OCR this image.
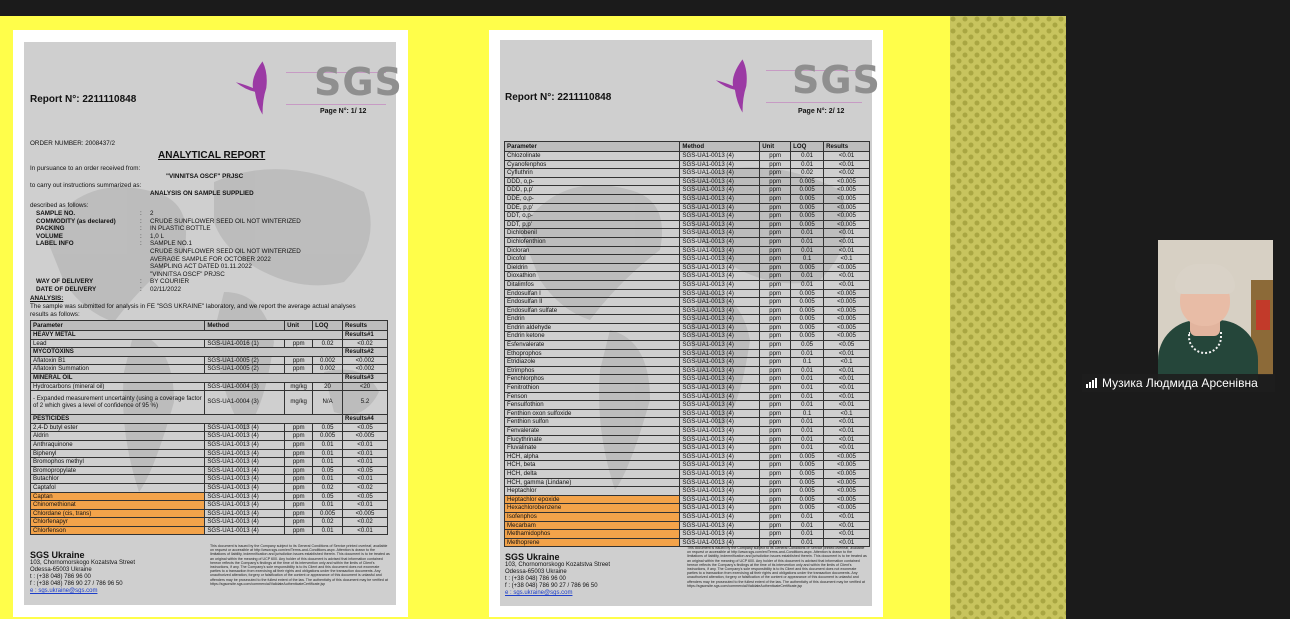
Report N°: 2211110848	SGS
Page N°: 1/ 12
ORDER NUMBER: 2008437/2
ANALYTICAL REPORT
In pursuance to an order received from:
"VINNITSA OSCF" PRJSC
to carry out instructions summarized as:
ANALYSIS ON SAMPLE SUPPLIED
described as follows:
SAMPLE NO.	: 2
COMMODITY (as declared)	: CRUDE SUNFLOWER SEED OIL NOT WINTERIZED
PACKING	: IN PLASTIC BOTTLE
VOLUME	: 1,0 L
LABEL INFO	: SAMPLE NO.1
CRUDE SUNFLOWER SEED OIL NOT WINTERIZED
AVERAGE SAMPLE FOR OCTOBER 2022
SAMPLING ACT DATED 01.11.2022
"VINNITSA OSCF" PRJSC
WAY OF DELIVERY	: BY COURIER
DATE OF DELIVERY	: 02/11/2022
ANALYSIS:
The sample was submitted for analysis in FE "SGS UKRAINE" laboratory, and we report the average actual analyses
results as follows:
Parameter	Method	Unit	LOQ	Results
HEAVY METAL				Results#1
Lead	SGS-UA1-0016 (1)	ppm	0.02	<0.02
MYCOTOXINS				Results#2
Aflatoxin B1	SGS-UA1-0005 (2)	ppm	0.002	<0.002
Aflatoxin Summation	SGS-UA1-0005 (2)	ppm	0.002	<0.002
MINERAL OIL				Results#3
Hydrocarbons (mineral oil)	SGS-UA1-0004 (3)	mg/kg	20	<20
- Expanded measurement uncertainty (using a coverage factor of 2 which gives a level of confidence of 95 %)	SGS-UA1-0004 (3)	mg/kg	N/A	5.2
PESTICIDES				Results#4
2,4-D butyl ester	SGS-UA1-0013 (4)	ppm	0.05	<0.05
Aldrin	SGS-UA1-0013 (4)	ppm	0.005	<0.005
Anthraquinone	SGS-UA1-0013 (4)	ppm	0.01	<0.01
Biphenyl	SGS-UA1-0013 (4)	ppm	0.01	<0.01
Bromophos methyl	SGS-UA1-0013 (4)	ppm	0.01	<0.01
Bromopropylate	SGS-UA1-0013 (4)	ppm	0.05	<0.05
Butachlor	SGS-UA1-0013 (4)	ppm	0.01	<0.01
Captafol	SGS-UA1-0013 (4)	ppm	0.02	<0.02
Captan	SGS-UA1-0013 (4)	ppm	0.05	<0.05
Chinomethionat	SGS-UA1-0013 (4)	ppm	0.01	<0.01
Chlordane (cis, trans)	SGS-UA1-0013 (4)	ppm	0.005	<0.005
Chlorfenapyr	SGS-UA1-0013 (4)	ppm	0.02	<0.02
Chlorfenson	SGS-UA1-0013 (4)	ppm	0.01	<0.01
SGS Ukraine
103, Chornomorskogo Kozatstva Street
Odessa-65003 Ukraine
t : (+38 048) 786 96 00
f : (+38 048) 786 90 27 / 786 96 50
e : sgs.ukraine@sgs.com
This document is issued by the Company subject to its General Conditions of Service printed overleaf, available on request or accessible at http://www.sgs.com/en/Terms-and-Conditions.aspx. Attention is drawn to the limitations of liability, indemnification and jurisdiction issues established therein. This document is to be treated as an original within the meaning of UCP 600. Any holder of this document is advised that information contained hereon reflects the Company's findings at the time of its intervention only and within the limits of Client's instructions, if any. The Company's sole responsibility is to its Client and this document does not exonerate parties to a transaction from exercising all their rights and obligations under the transaction documents. Any unauthorized alteration, forgery or falsification of the content or appearance of this document is unlawful and offenders may be prosecuted to the fullest extent of the law. The authenticity of this document may be verified at https://sgsonsite.sgs.com/commercial/ValidateAuthenticateCertificate.jsp
Report N°: 2211110848	SGS
Page N°: 2/ 12
Parameter	Method	Unit	LOQ	Results
Chlozolinate	SGS-UA1-0013 (4)	ppm	0.01	<0.01
Cyanofenphos	SGS-UA1-0013 (4)	ppm	0.01	<0.01
Cyfluthrin	SGS-UA1-0013 (4)	ppm	0.02	<0.02
DDD, o,p-	SGS-UA1-0013 (4)	ppm	0.005	<0.005
DDD, p,p'	SGS-UA1-0013 (4)	ppm	0.005	<0.005
DDE, o,p-	SGS-UA1-0013 (4)	ppm	0.005	<0.005
DDE, p,p'	SGS-UA1-0013 (4)	ppm	0.005	<0.005
DDT, o,p-	SGS-UA1-0013 (4)	ppm	0.005	<0.005
DDT, p,p'	SGS-UA1-0013 (4)	ppm	0.005	<0.005
Dichlobenil	SGS-UA1-0013 (4)	ppm	0.01	<0.01
Dichlofenthion	SGS-UA1-0013 (4)	ppm	0.01	<0.01
Dicloran	SGS-UA1-0013 (4)	ppm	0.01	<0.01
Dicofol	SGS-UA1-0013 (4)	ppm	0.1	<0.1
Dieldrin	SGS-UA1-0013 (4)	ppm	0.005	<0.005
Dioxathion	SGS-UA1-0013 (4)	ppm	0.01	<0.01
Ditalimfos	SGS-UA1-0013 (4)	ppm	0.01	<0.01
Endosulfan I	SGS-UA1-0013 (4)	ppm	0.005	<0.005
Endosulfan II	SGS-UA1-0013 (4)	ppm	0.005	<0.005
Endosulfan sulfate	SGS-UA1-0013 (4)	ppm	0.005	<0.005
Endrin	SGS-UA1-0013 (4)	ppm	0.005	<0.005
Endrin aldehyde	SGS-UA1-0013 (4)	ppm	0.005	<0.005
Endrin ketone	SGS-UA1-0013 (4)	ppm	0.005	<0.005
Esfenvalerate	SGS-UA1-0013 (4)	ppm	0.05	<0.05
Ethoprophos	SGS-UA1-0013 (4)	ppm	0.01	<0.01
Etridiazole	SGS-UA1-0013 (4)	ppm	0.1	<0.1
Etrimphos	SGS-UA1-0013 (4)	ppm	0.01	<0.01
Fenchlorphos	SGS-UA1-0013 (4)	ppm	0.01	<0.01
Fenitrothion	SGS-UA1-0013 (4)	ppm	0.01	<0.01
Fenson	SGS-UA1-0013 (4)	ppm	0.01	<0.01
Fensulfothion	SGS-UA1-0013 (4)	ppm	0.01	<0.01
Fenthion oxon sulfoxide	SGS-UA1-0013 (4)	ppm	0.1	<0.1
Fenthion sulfon	SGS-UA1-0013 (4)	ppm	0.01	<0.01
Fenvalerate	SGS-UA1-0013 (4)	ppm	0.01	<0.01
Flucythrinate	SGS-UA1-0013 (4)	ppm	0.01	<0.01
Fluvalinate	SGS-UA1-0013 (4)	ppm	0.01	<0.01
HCH, alpha	SGS-UA1-0013 (4)	ppm	0.005	<0.005
HCH, beta	SGS-UA1-0013 (4)	ppm	0.005	<0.005
HCH, delta	SGS-UA1-0013 (4)	ppm	0.005	<0.005
HCH, gamma (Lindane)	SGS-UA1-0013 (4)	ppm	0.005	<0.005
Heptachlor	SGS-UA1-0013 (4)	ppm	0.005	<0.005
Heptachlor epoxide	SGS-UA1-0013 (4)	ppm	0.005	<0.005
Hexachlorobenzene	SGS-UA1-0013 (4)	ppm	0.005	<0.005
Isofenphos	SGS-UA1-0013 (4)	ppm	0.01	<0.01
Mecarbam	SGS-UA1-0013 (4)	ppm	0.01	<0.01
Methamidophos	SGS-UA1-0013 (4)	ppm	0.01	<0.01
Methoprene	SGS-UA1-0013 (4)	ppm	0.01	<0.01
SGS Ukraine
103, Chornomorskogo Kozatstva Street
Odessa-65003 Ukraine
t : (+38 048) 786 96 00
f : (+38 048) 786 90 27 / 786 96 50
e : sgs.ukraine@sgs.com
This document is issued by the Company subject to its General Conditions of Service printed overleaf, available on request or accessible at http://www.sgs.com/en/Terms-and-Conditions.aspx. Attention is drawn to the limitations of liability, indemnification and jurisdiction issues established therein. This document is to be treated as an original within the meaning of UCP 600. Any holder of this document is advised that information contained hereon reflects the Company's findings at the time of its intervention only and within the limits of Client's instructions, if any. The Company's sole responsibility is to its Client and this document does not exonerate parties to a transaction from exercising all their rights and obligations under the transaction documents. Any unauthorized alteration, forgery or falsification of the content or appearance of this document is unlawful and offenders may be prosecuted to the fullest extent of the law. The authenticity of this document may be verified at https://sgsonsite.sgs.com/commercial/ValidateAuthenticateCertificate.jsp
Музика Людмида Арсенівна
